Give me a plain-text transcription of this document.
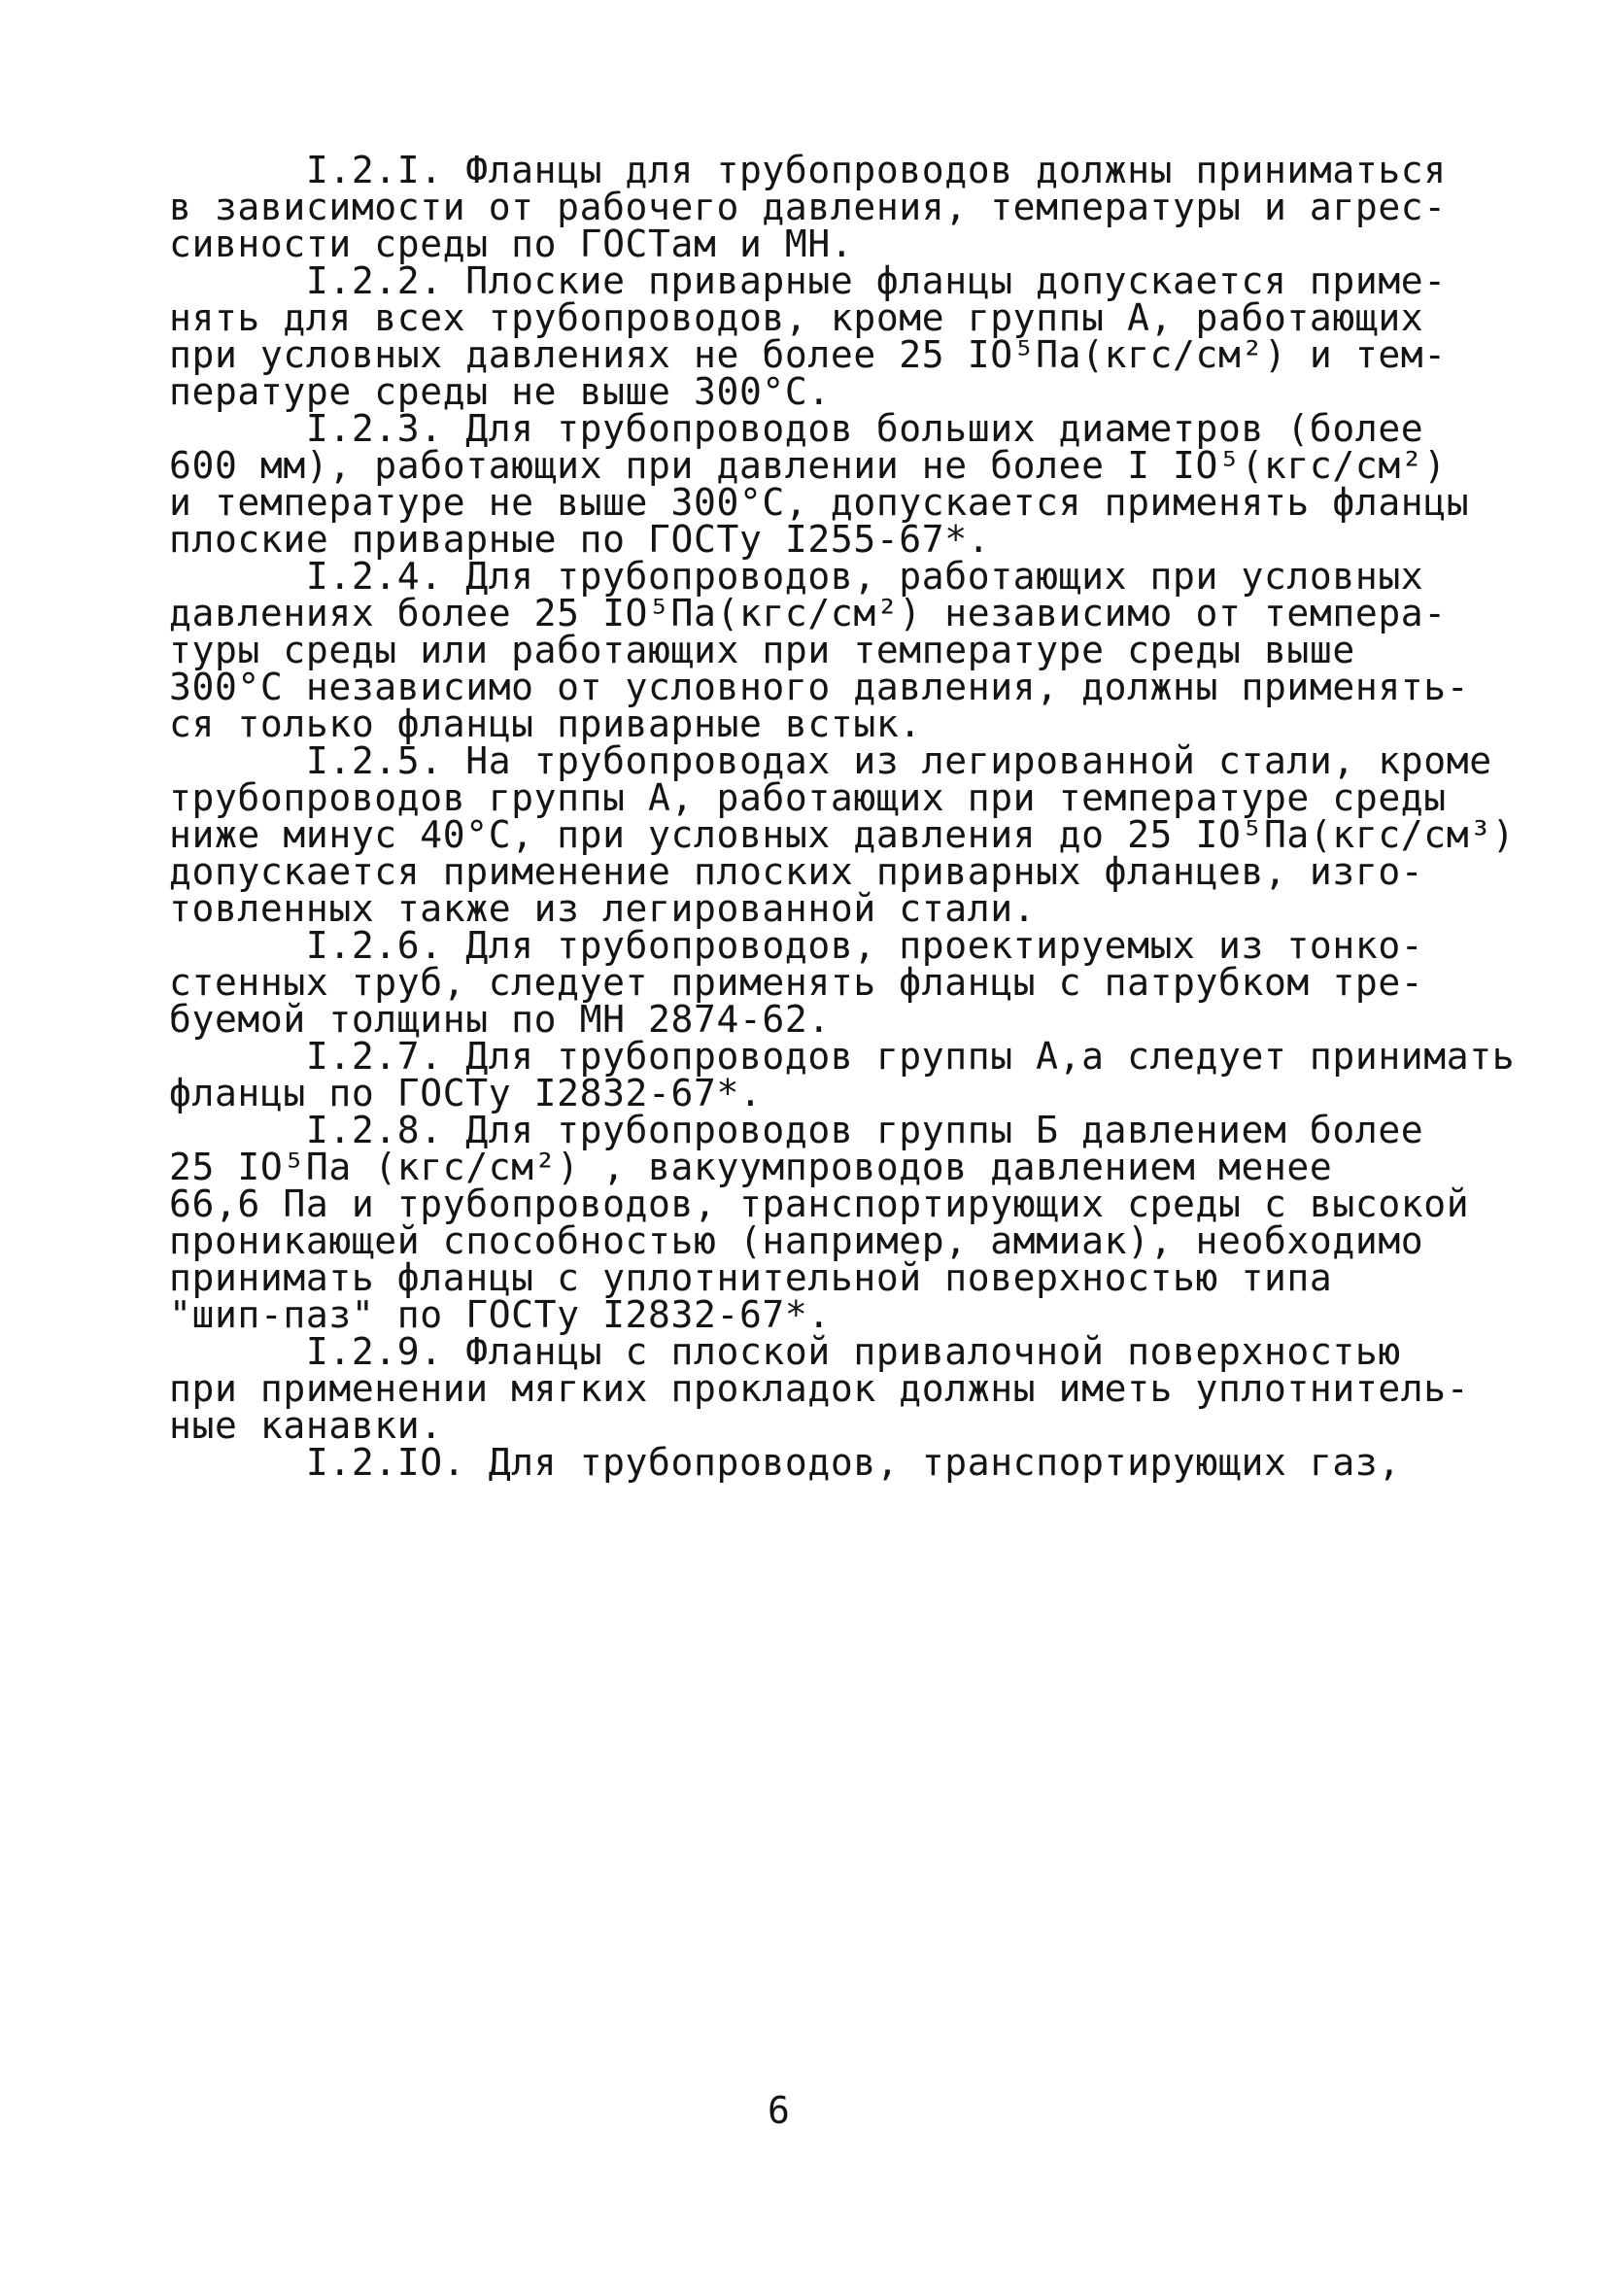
I.2.I. Фланцы для трубопроводов должны приниматься
в зависимости от рабочего давления, температуры и агрес-
сивности среды по ГОСТам и МН.
I.2.2. Плоские приварные фланцы допускается приме-
нять для всех трубопроводов, кроме группы А, работающих
при условных давлениях не более 25 IO⁵Па(кгс/см²) и тем-
пературе среды не выше 300°С.
I.2.3. Для трубопроводов больших диаметров (более
600 мм), работающих при давлении не более I IO⁵(кгс/см²)
и температуре не выше 300°С, допускается применять фланцы
плоские приварные по ГОСТу I255-67*.
I.2.4. Для трубопроводов, работающих при условных
давлениях более 25 IO⁵Па(кгс/см²) независимо от темпера-
туры среды или работающих при температуре среды выше
300°С независимо от условного давления, должны применять-
ся только фланцы приварные встык.
I.2.5. На трубопроводах из легированной стали, кроме
трубопроводов группы А, работающих при температуре среды
ниже минус 40°С, при условных давления до 25 IO⁵Па(кгс/см³)
допускается применение плоских приварных фланцев, изго-
товленных также из легированной стали.
I.2.6. Для трубопроводов, проектируемых из тонко-
стенных труб, следует применять фланцы с патрубком тре-
буемой толщины по МН 2874-62.
I.2.7. Для трубопроводов группы А,а следует принимать
фланцы по ГОСТу I2832-67*.
I.2.8. Для трубопроводов группы Б давлением более
25 IO⁵Па (кгс/см²) , вакуумпроводов давлением менее
66,6 Па и трубопроводов, транспортирующих среды с высокой
проникающей способностью (например, аммиак), необходимо
принимать фланцы с уплотнительной поверхностью типа
"шип-паз" по ГОСТу I2832-67*.
I.2.9. Фланцы с плоской привалочной поверхностью
при применении мягких прокладок должны иметь уплотнитель-
ные канавки.
I.2.IO. Для трубопроводов, транспортирующих газ,
6
